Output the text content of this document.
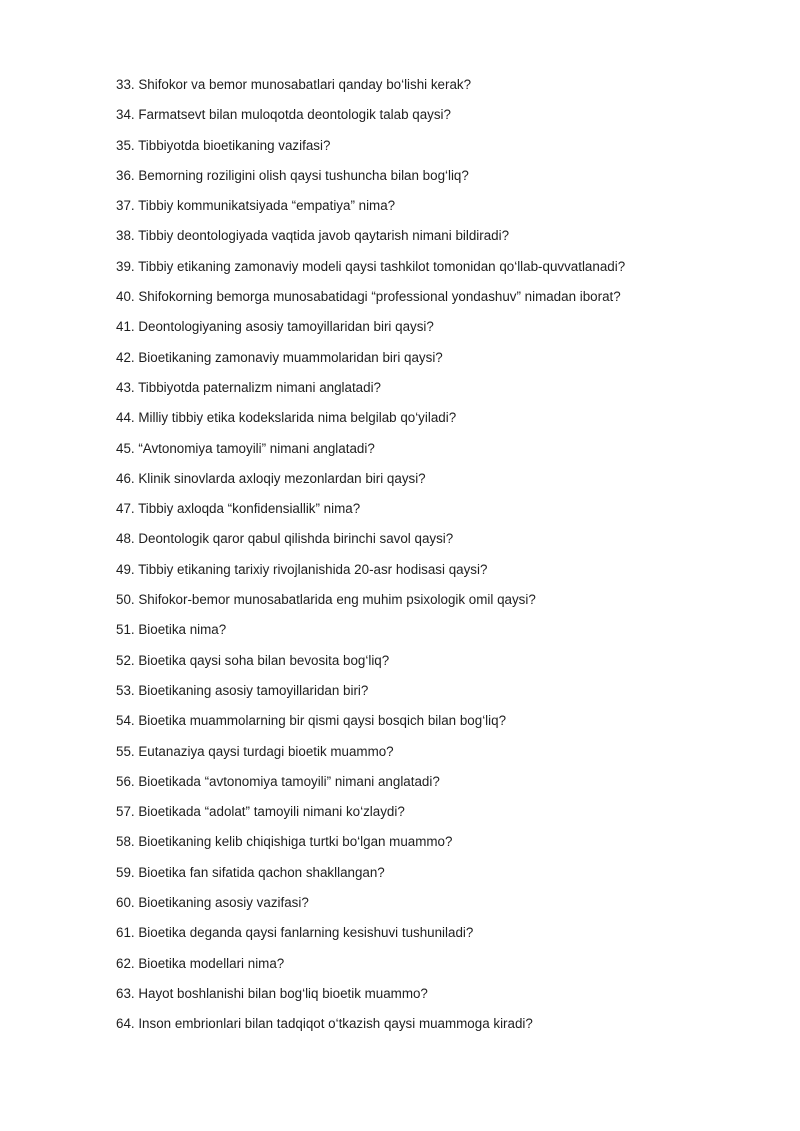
33. Shifokor va bemor munosabatlari qanday bo‘lishi kerak?
34. Farmatsevt bilan muloqotda deontologik talab qaysi?
35. Tibbiyotda bioetikaning vazifasi?
36. Bemorning roziligini olish qaysi tushuncha bilan bog‘liq?
37. Tibbiy kommunikatsiyada “empatiya” nima?
38. Tibbiy deontologiyada vaqtida javob qaytarish nimani bildiradi?
39. Tibbiy etikaning zamonaviy modeli qaysi tashkilot tomonidan qo‘llab-quvvatlanadi?
40. Shifokorning bemorga munosabatidagi “professional yondashuv” nimadan iborat?
41. Deontologiyaning asosiy tamoyillaridan biri qaysi?
42. Bioetikaning zamonaviy muammolaridan biri qaysi?
43. Tibbiyotda paternalizm nimani anglatadi?
44. Milliy tibbiy etika kodekslarida nima belgilab qo‘yiladi?
45. “Avtonomiya tamoyili” nimani anglatadi?
46. Klinik sinovlarda axloqiy mezonlardan biri qaysi?
47. Tibbiy axloqda “konfidensiallik” nima?
48. Deontologik qaror qabul qilishda birinchi savol qaysi?
49. Tibbiy etikaning tarixiy rivojlanishida 20-asr hodisasi qaysi?
50. Shifokor-bemor munosabatlarida eng muhim psixologik omil qaysi?
51. Bioetika nima?
52. Bioetika qaysi soha bilan bevosita bog‘liq?
53. Bioetikaning asosiy tamoyillaridan biri?
54. Bioetika muammolarning bir qismi qaysi bosqich bilan bog‘liq?
55. Eutanaziya qaysi turdagi bioetik muammo?
56. Bioetikada “avtonomiya tamoyili” nimani anglatadi?
57. Bioetikada “adolat” tamoyili nimani ko‘zlaydi?
58. Bioetikaning kelib chiqishiga turtki bo‘lgan muammo?
59. Bioetika fan sifatida qachon shakllangan?
60. Bioetikaning asosiy vazifasi?
61. Bioetika deganda qaysi fanlarning kesishuvi tushuniladi?
62. Bioetika modellari nima?
63. Hayot boshlanishi bilan bog‘liq bioetik muammo?
64. Inson embrionlari bilan tadqiqot o‘tkazish qaysi muammoga kiradi?
